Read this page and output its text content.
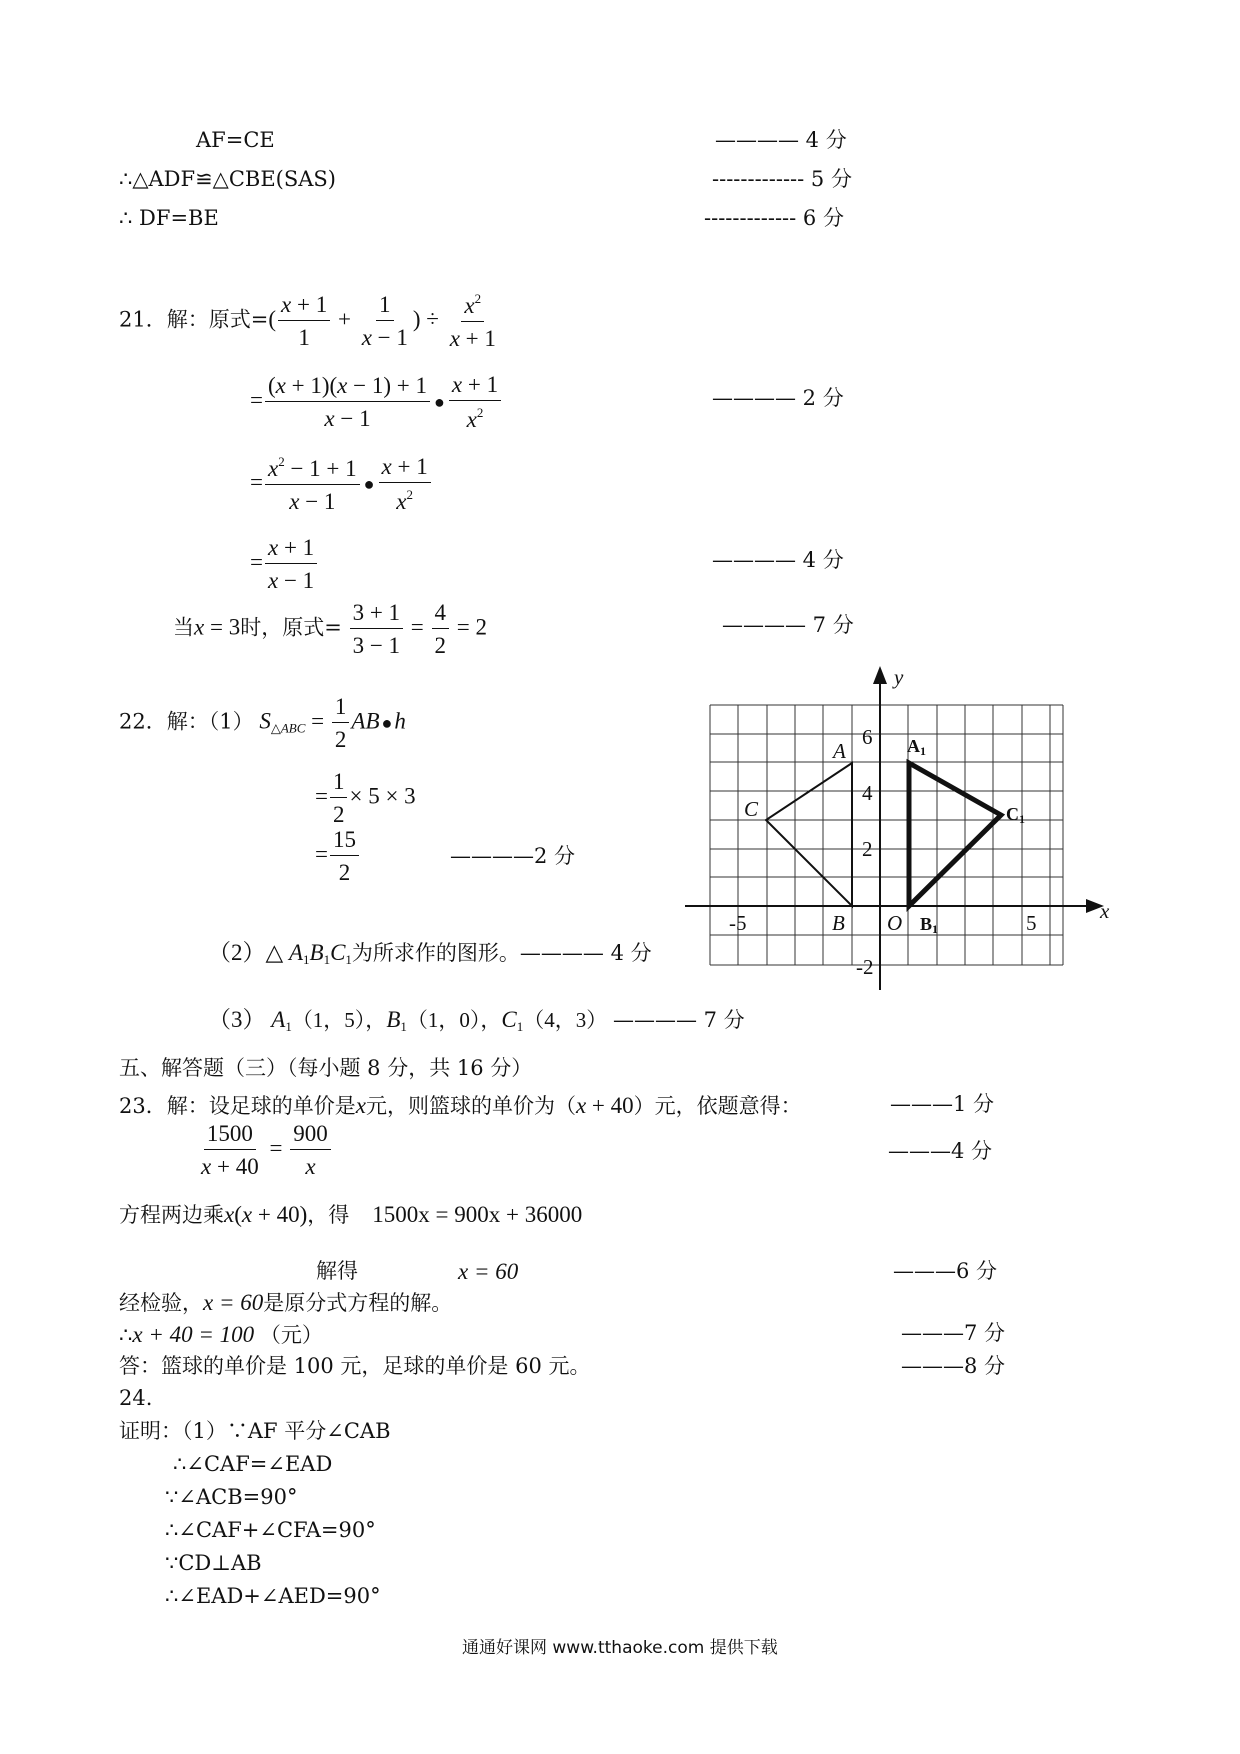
AF=CE	———— 4 分
∴△ADF≌△CBE(SAS)	------------- 5 分
∴ DF=BE	------------- 6 分
21．解：原式=( $\frac{x + 1}{1} + \frac{1}{x - 1}$ ) ÷ $\frac{x^2}{x + 1}$
= $\frac{(x + 1)(x - 1) + 1}{x - 1}$ ● $\frac{x + 1}{x^2}$	———— 2 分
= $\frac{x^2 - 1 + 1}{x - 1}$ ● $\frac{x + 1}{x^2}$
= $\frac{x + 1}{x - 1}$	———— 4 分
当x = 3时，原式= $\frac{3 + 1}{3 - 1} = \frac{4}{2} = 2$	———— 7 分
22．解：（1） S△ABC = $\frac{1}{2}$ AB ●h
= $\frac{1}{2} \times 5 \times 3$
= $\frac{15}{2}$	————2 分
（2）△ A1B1C1为所求作的图形。———— 4 分
（3） A1（1，5），B1（1，0），C1（4，3） ———— 7 分
x
y
O
-5	5
6
4
2
-2
A
B
C
A1
B1
C1
五、解答题（三）（每小题 8 分，共 16 分）
23．解：设足球的单价是x元，则篮球的单价为（x + 40）元，依题意得：	———1 分
$\frac{1500}{x + 40} = \frac{900}{x}$	———4 分
方程两边乘x(x + 40)，得 1500x = 900x + 36000
解得	x = 60	———6 分
经检验，x = 60是原分式方程的解。
∴x + 40 = 100 （元）	———7 分
答：篮球的单价是 100 元，足球的单价是 60 元。	———8 分
24.
证明：（1）∵AF 平分∠CAB
∴∠CAF=∠EAD
∵∠ACB=90°
∴∠CAF+∠CFA=90°
∵CD⊥AB
∴∠EAD+∠AED=90°
通通好课网 www.tthaoke.com 提供下载
